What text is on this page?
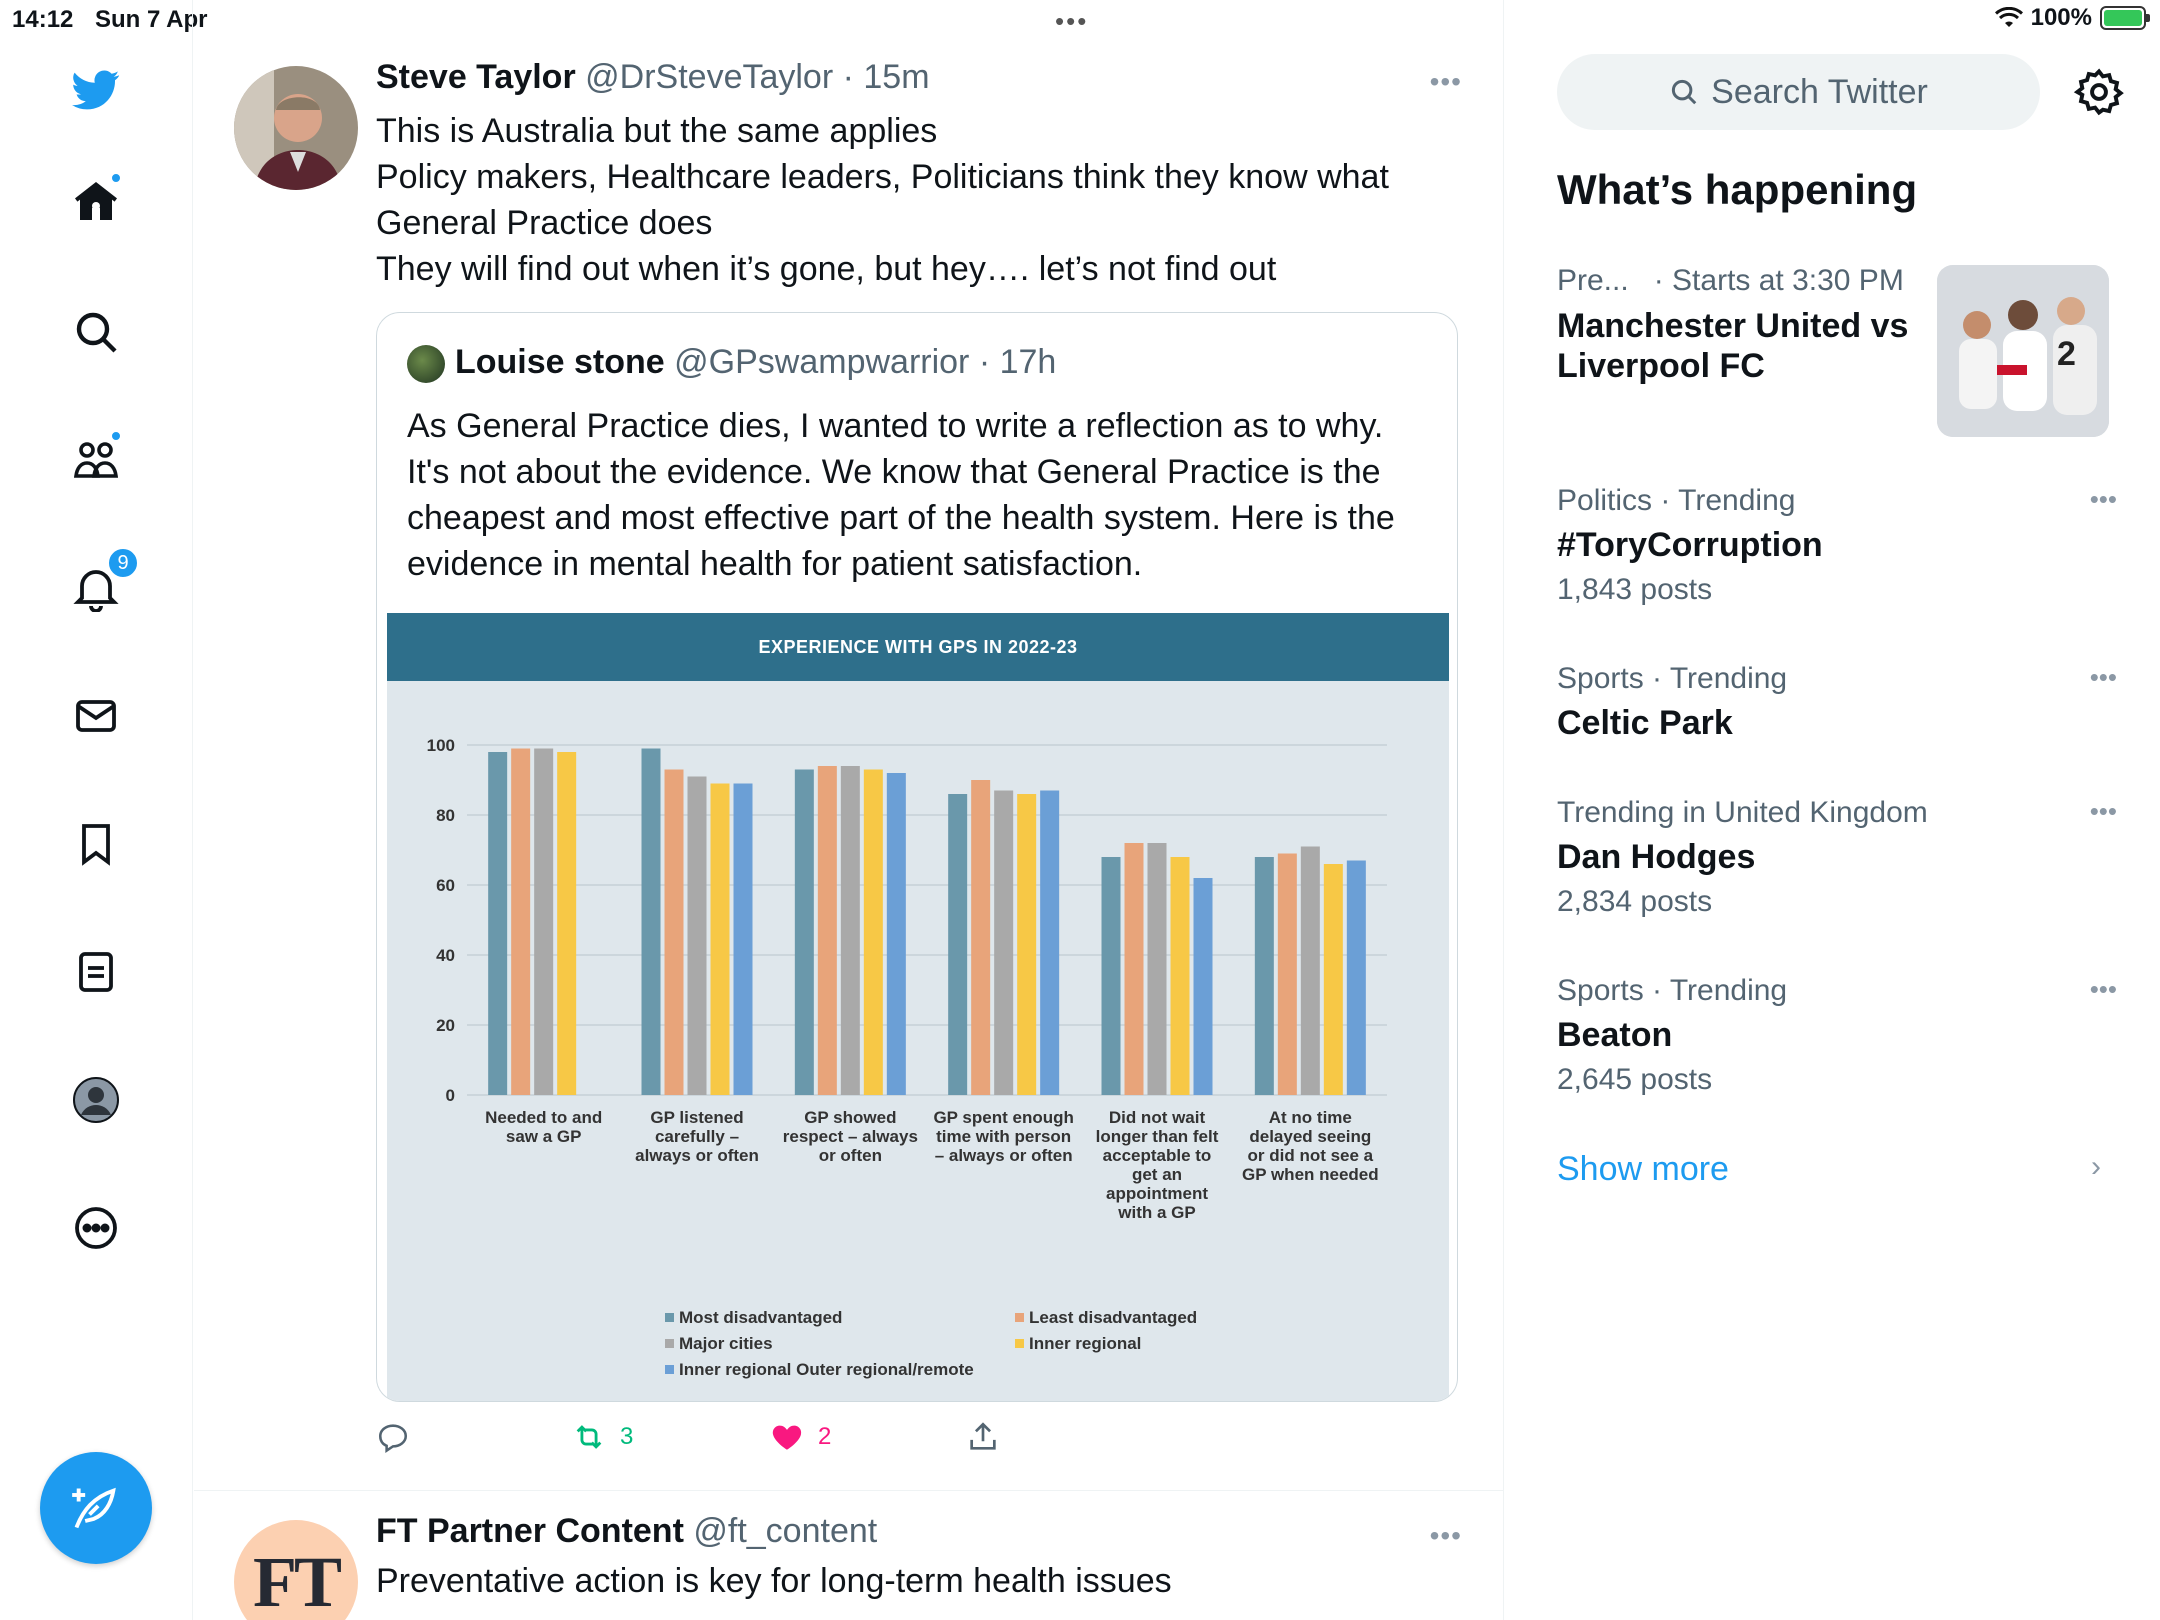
14:12 Sun 7 Apr	•••	100%
9
Steve Taylor @DrSteveTaylor · 15m	•••
This is Australia but the same applies
Policy makers, Healthcare leaders, Politicians think they know what
General Practice does
They will find out when it’s gone, but hey…. let’s not find out
Louise stone @GPswampwarrior · 17h
As General Practice dies, I wanted to write a reflection as to why.
It's not about the evidence. We know that General Practice is the
cheapest and most effective part of the health system. Here is the
evidence in mental health for patient satisfaction.
EXPERIENCE WITH GPS IN 2022-23
0
20
40
60
80
100
Needed to and
saw a GP
GP listened
carefully –
always or often
GP showed
respect – always
or often
GP spent enough
time with person
– always or often
Did not wait
longer than felt
acceptable to
get an
appointment
with a GP
At no time
delayed seeing
or did not see a
GP when needed
Most disadvantaged	Least disadvantaged
Major cities	Inner regional
Inner regional Outer regional/remote
3	2
FT
FT Partner Content @ft_content	•••
Preventative action is key for long-term health issues
Search Twitter
What’s happening
Pre... · Starts at 3:30 PM
Manchester United vs
Liverpool FC	2
Politics · Trending
#ToryCorruption
1,843 posts
•••
Sports · Trending
Celtic Park
•••
Trending in United Kingdom
Dan Hodges
2,834 posts
•••
Sports · Trending
Beaton
2,645 posts
•••
Show more	›
